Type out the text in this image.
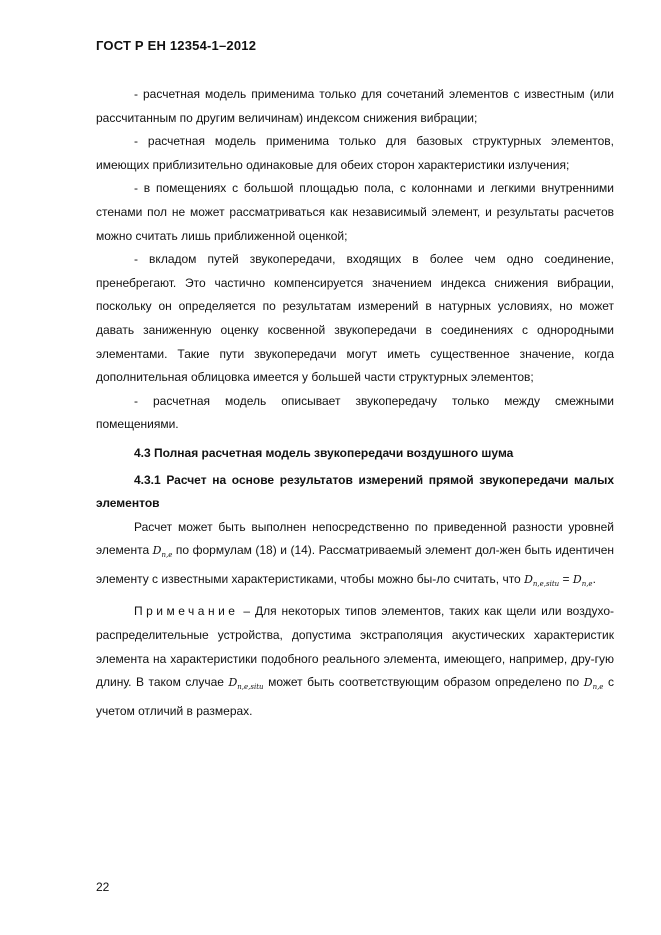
ГОСТ Р ЕН 12354-1–2012

- расчетная модель применима только для сочетаний элементов с известным (или рассчитанным по другим величинам) индексом снижения вибрации;

- расчетная модель применима только для базовых структурных элементов, имеющих приблизительно одинаковые для обеих сторон характеристики излучения;

- в помещениях с большой площадью пола, с колоннами и легкими внутренними стенами пол не может рассматриваться как независимый элемент, и результаты расчетов можно считать лишь приближенной оценкой;

- вкладом путей звукопередачи, входящих в более чем одно соединение, пренебрегают. Это частично компенсируется значением индекса снижения вибрации, поскольку он определяется по результатам измерений в натурных условиях, но может давать заниженную оценку косвенной звукопередачи в соединениях с однородными элементами. Такие пути звукопередачи могут иметь существенное значение, когда дополнительная облицовка имеется у большей части структурных элементов;

- расчетная модель описывает звукопередачу только между смежными помещениями.

4.3 Полная расчетная модель звукопередачи воздушного шума

4.3.1 Расчет на основе результатов измерений прямой звукопередачи малых элементов

Расчет может быть выполнен непосредственно по приведенной разности уровней элемента $D_{n,e}$ по формулам (18) и (14). Рассматриваемый элемент дол-жен быть идентичен элементу с известными характеристиками, чтобы можно бы-ло считать, что $D_{n,e,situ} = D_{n,e}$.

Примечание – Для некоторых типов элементов, таких как щели или воздухо-распределительные устройства, допустима экстраполяция акустических характеристик элемента на характеристики подобного реального элемента, имеющего, например, дру-гую длину. В таком случае $D_{n,e,situ}$ может быть соответствующим образом определено по $D_{n,e}$ с учетом отличий в размерах.

22
